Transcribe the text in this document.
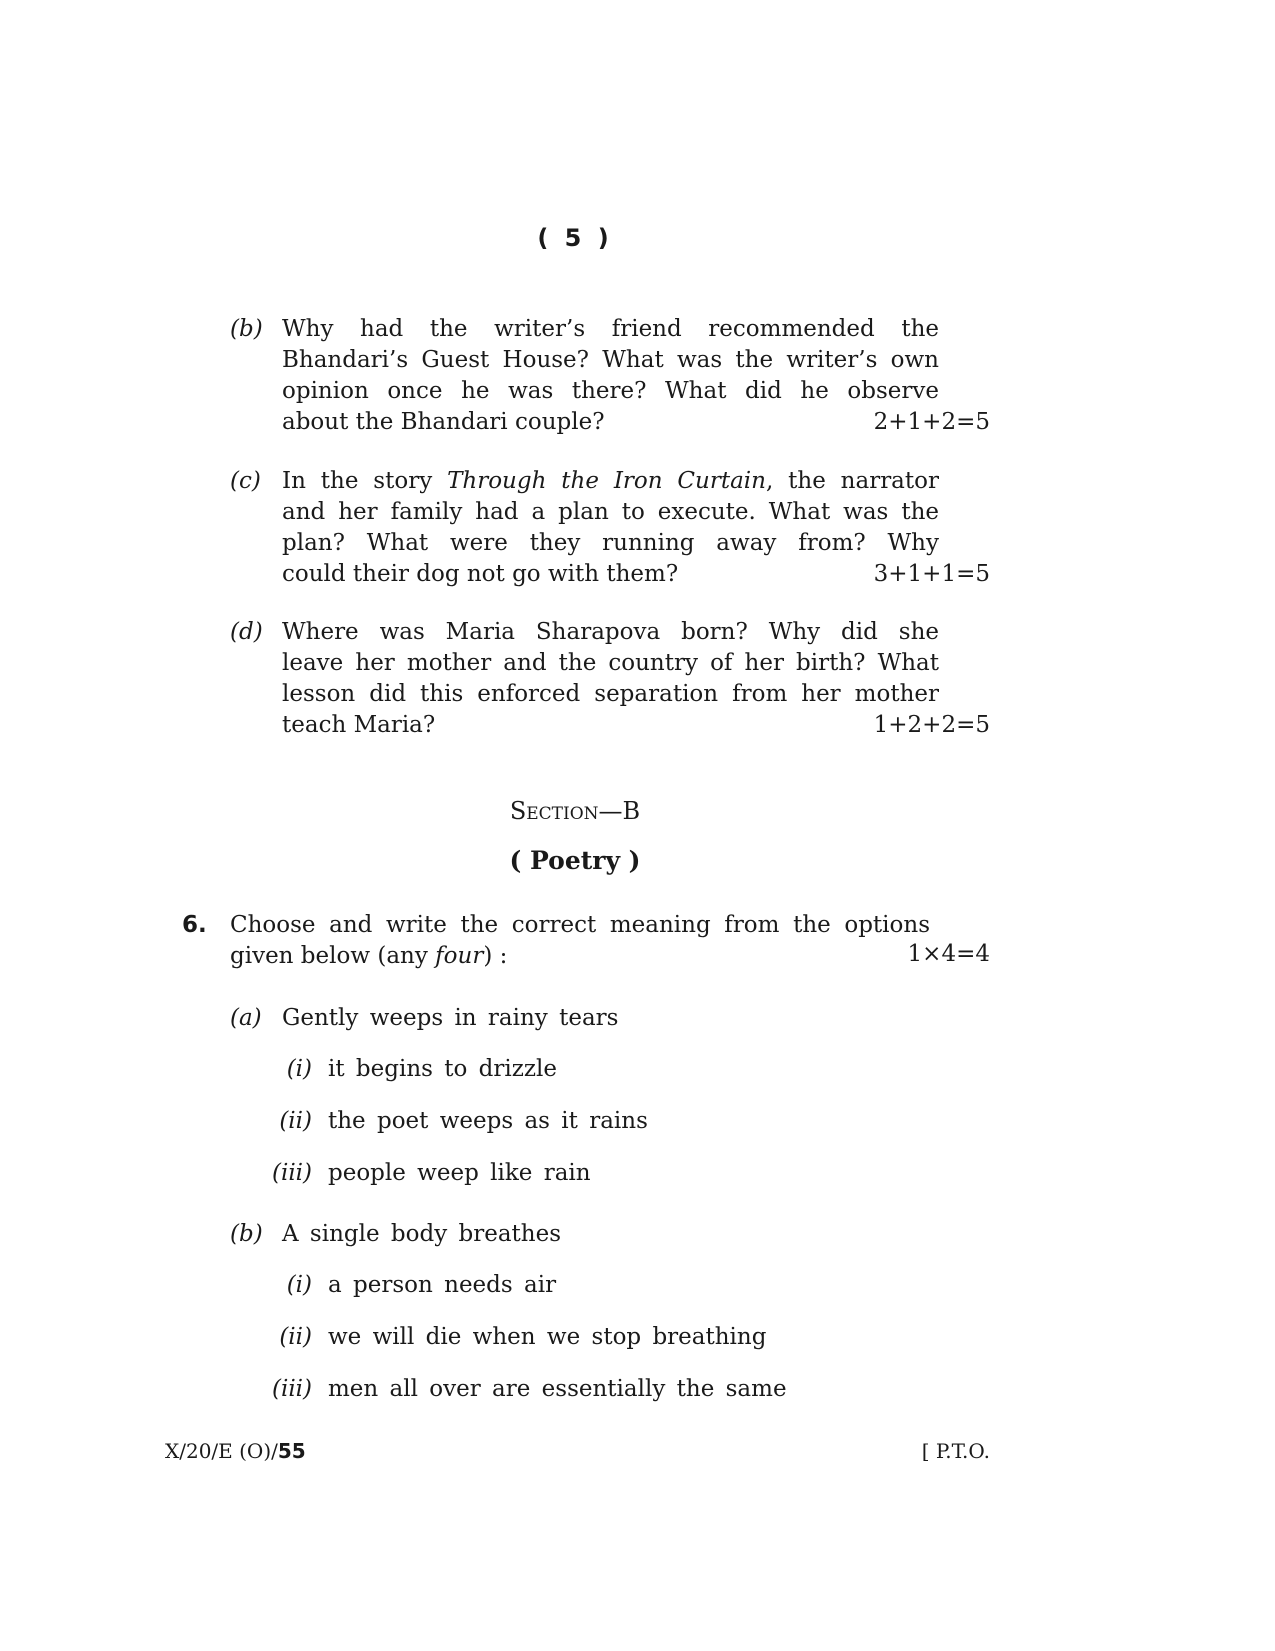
( 5 )
(b) Why had the writer’s friend recommended the
Bhandari’s Guest House? What was the writer’s own
opinion once he was there? What did he observe
about the Bhandari couple?	2+1+2=5
(c) In the story Through the Iron Curtain, the narrator
and her family had a plan to execute. What was the
plan? What were they running away from? Why
could their dog not go with them?	3+1+1=5
(d) Where was Maria Sharapova born? Why did she
leave her mother and the country of her birth? What
lesson did this enforced separation from her mother
teach Maria?	1+2+2=5
Section—B
( Poetry )
6. Choose and write the correct meaning from the options
given below (any four) :	1×4=4
(a) Gently weeps in rainy tears
(i) it begins to drizzle
(ii) the poet weeps as it rains
(iii) people weep like rain
(b) A single body breathes
(i) a person needs air
(ii) we will die when we stop breathing
(iii) men all over are essentially the same
X/20/E (O)/55	[ P.T.O.
